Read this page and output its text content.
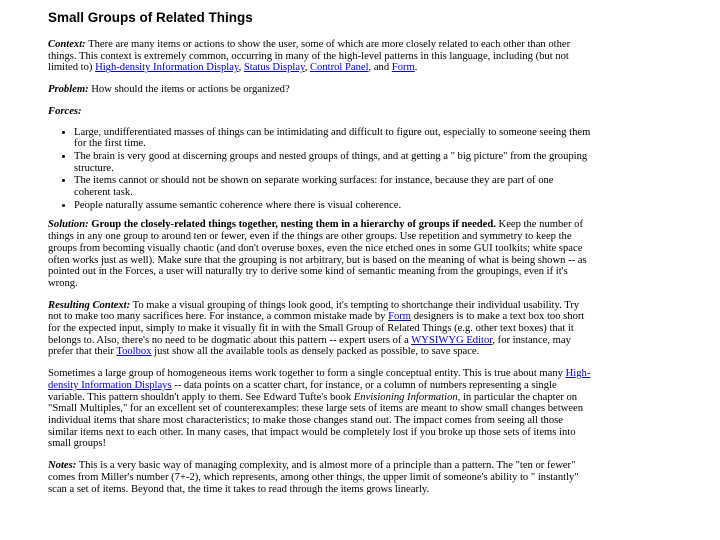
Small Groups of Related Things

Context: There are many items or actions to show the user, some of which are more closely related to each other than other things. This context is extremely common, occurring in many of the high-level patterns in this language, including (but not limited to) High-density Information Display, Status Display, Control Panel, and Form.

Problem: How should the items or actions be organized?

Forces:
• Large, undifferentiated masses of things can be intimidating and difficult to figure out, especially to someone seeing them for the first time.
• The brain is very good at discerning groups and nested groups of things, and at getting a " big picture" from the grouping structure.
• The items cannot or should not be shown on separate working surfaces: for instance, because they are part of one coherent task.
• People naturally assume semantic coherence where there is visual coherence.

Solution: Group the closely-related things together, nesting them in a hierarchy of groups if needed. Keep the number of things in any one group to around ten or fewer, even if the things are other groups. Use repetition and symmetry to keep the groups from becoming visually chaotic (and don't overuse boxes, even the nice etched ones in some GUI toolkits; white space often works just as well). Make sure that the grouping is not arbitrary, but is based on the meaning of what is being shown -- as pointed out in the Forces, a user will naturally try to derive some kind of semantic meaning from the groupings, even if it's wrong.

Resulting Context: To make a visual grouping of things look good, it's tempting to shortchange their individual usability. Try not to make too many sacrifices here. For instance, a common mistake made by Form designers is to make a text box too short for the expected input, simply to make it visually fit in with the Small Group of Related Things (e.g. other text boxes) that it belongs to. Also, there's no need to be dogmatic about this pattern -- expert users of a WYSIWYG Editor, for instance, may prefer that their Toolbox just show all the available tools as densely packed as possible, to save space.

Sometimes a large group of homogeneous items work together to form a single conceptual entity. This is true about many High-density Information Displays -- data points on a scatter chart, for instance, or a column of numbers representing a single variable. This pattern shouldn't apply to them. See Edward Tufte's book Envisioning Information, in particular the chapter on "Small Multiples," for an excellent set of counterexamples: these large sets of items are meant to show small changes between individual items that share most characteristics; to make those changes stand out. The impact comes from seeing all those similar items next to each other. In many cases, that impact would be completely lost if you broke up those sets of items into small groups!

Notes: This is a very basic way of managing complexity, and is almost more of a principle than a pattern. The "ten or fewer" comes from Miller's number (7+-2), which represents, among other things, the upper limit of someone's ability to " instantly" scan a set of items. Beyond that, the time it takes to read through the items grows linearly.
